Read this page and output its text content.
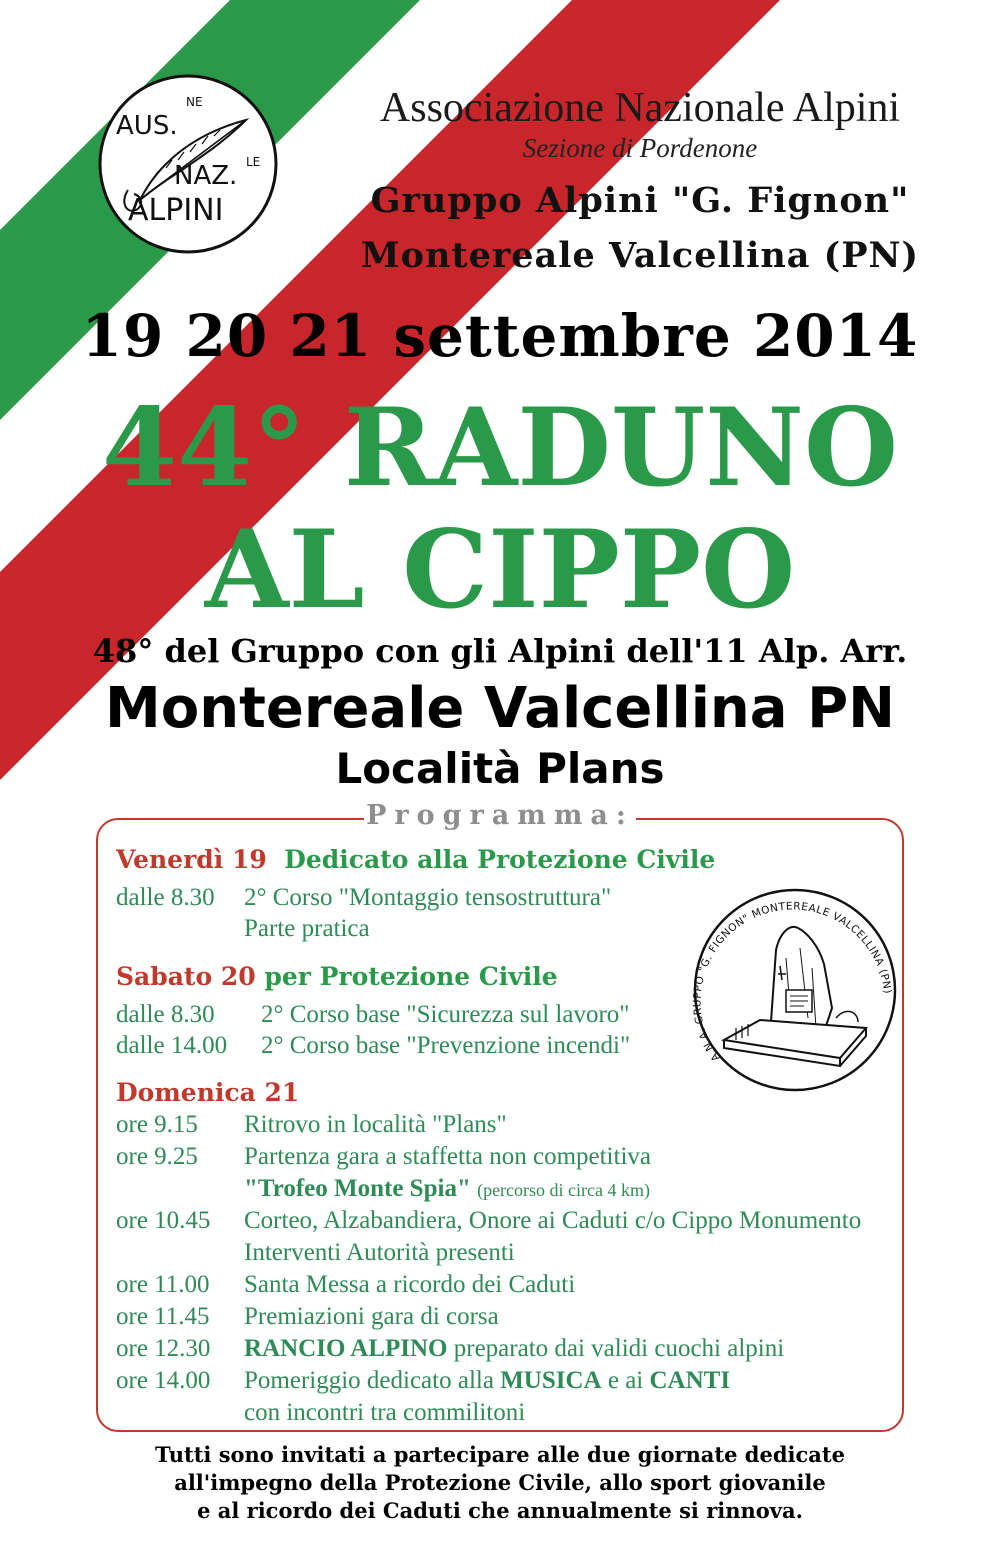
AUS.
NE
NAZ. LE
ALPINI
Associazione Nazionale Alpini
Sezione di Pordenone
Gruppo Alpini "G. Fignon"
Montereale Valcellina (PN)
19 20 21 settembre 2014
44° RADUNO
AL CIPPO
48° del Gruppo con gli Alpini dell'11 Alp. Arr.
Montereale Valcellina PN
Località Plans
Programma:
Venerdì 19 Dedicato alla Protezione Civile
dalle 8.30 2° Corso "Montaggio tensostruttura"
Parte pratica
Sabato 20 per Protezione Civile
dalle 8.30 2° Corso base "Sicurezza sul lavoro"
dalle 14.00 2° Corso base "Prevenzione incendi"	A.N.A. GRUPPO "G. FIGNON" MONTEREALE VALCELLINA (PN)
Domenica 21
ore 9.15 Ritrovo in località "Plans"
ore 9.25 Partenza gara a staffetta non competitiva
"Trofeo Monte Spia" (percorso di circa 4 km)
ore 10.45 Corteo, Alzabandiera, Onore ai Caduti c/o Cippo Monumento
Interventi Autorità presenti
ore 11.00 Santa Messa a ricordo dei Caduti
ore 11.45 Premiazioni gara di corsa
ore 12.30 RANCIO ALPINO preparato dai validi cuochi alpini
ore 14.00 Pomeriggio dedicato alla MUSICA e ai CANTI
con incontri tra commilitoni
Tutti sono invitati a partecipare alle due giornate dedicate
all'impegno della Protezione Civile, allo sport giovanile
e al ricordo dei Caduti che annualmente si rinnova.
